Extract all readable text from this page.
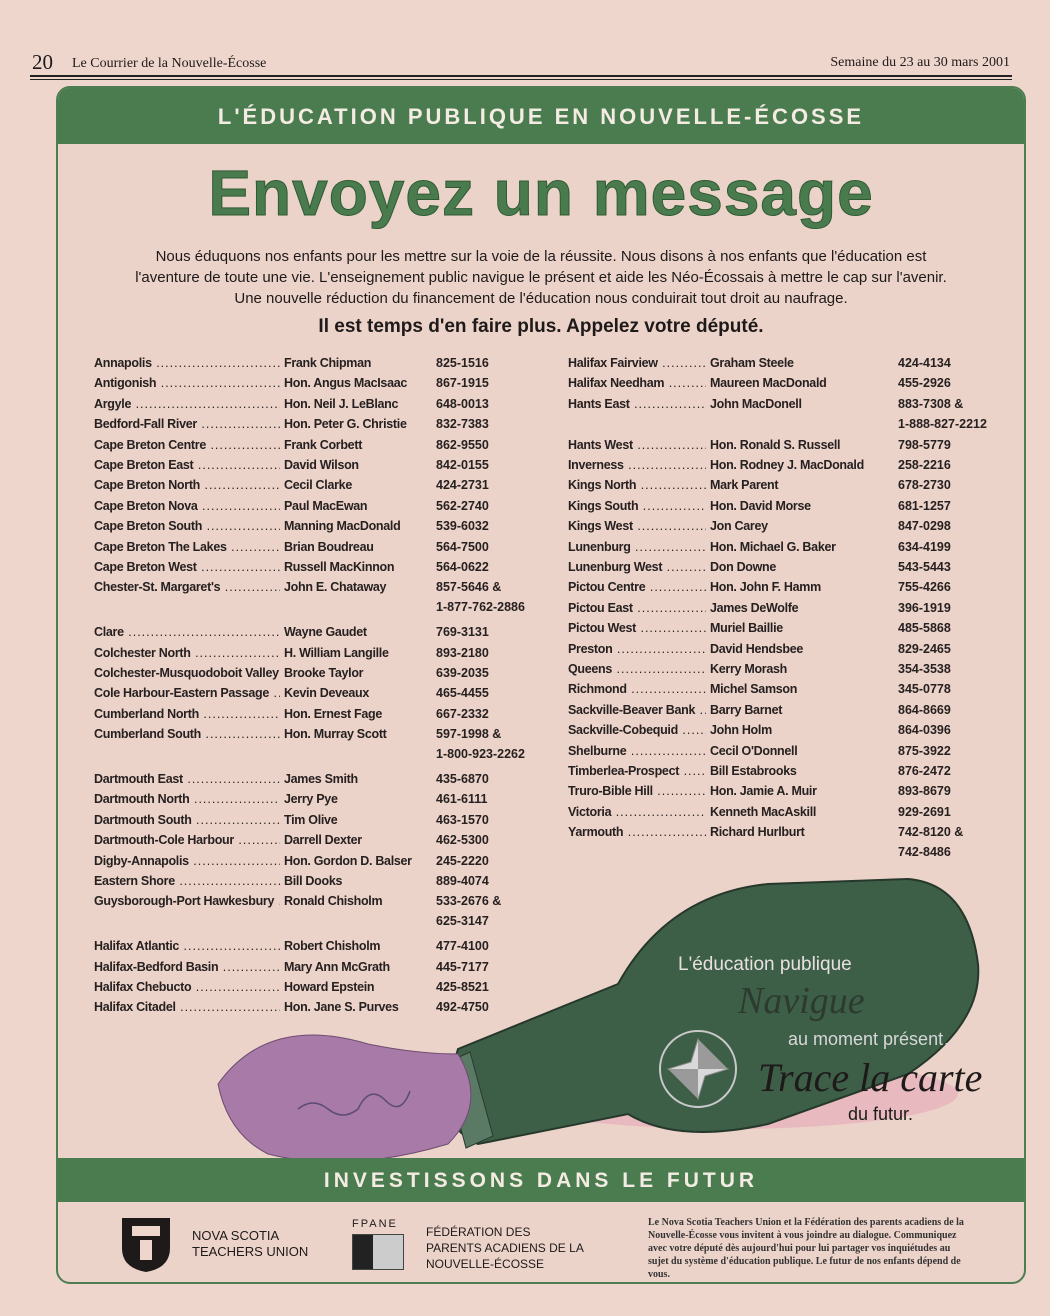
20 Le Courrier de la Nouvelle-Écosse	Semaine du 23 au 30 mars 2001
L'ÉDUCATION PUBLIQUE EN NOUVELLE-ÉCOSSE
Envoyez un message
Nous éduquons nos enfants pour les mettre sur la voie de la réussite. Nous disons à nos enfants que l'éducation est
l'aventure de toute une vie. L'enseignement public navigue le présent et aide les Néo-Écossais à mettre le cap sur l'avenir.
Une nouvelle réduction du financement de l'éducation nous conduirait tout droit au naufrage.
Il est temps d'en faire plus. Appelez votre député.
Annapolis .....	Frank Chipman	825-1516
Antigonish .....	Hon. Angus MacIsaac 867-1915
Argyle .....	Hon. Neil J. LeBlanc	648-0013
Bedford-Fall River .....	Hon. Peter G. Christie 832-7383
Cape Breton Centre .....	Frank Corbett	862-9550
Cape Breton East .....	David Wilson	842-0155
Cape Breton North .....	Cecil Clarke	424-2731
Cape Breton Nova .....	Paul MacEwan	562-2740
Cape Breton South .....	Manning MacDonald	539-6032
Cape Breton The Lakes .....	Brian Boudreau	564-7500
Cape Breton West .....	Russell MacKinnon	564-0622
Chester-St. Margaret's .....	John E. Chataway	857-5646 &
1-877-762-2886
Clare .....	Wayne Gaudet	769-3131
Colchester North .....	H. William Langille	893-2180
Colchester-Musquodoboit Valley ..... Brooke Taylor	639-2035
Cole Harbour-Eastern Passage .....	Kevin Deveaux	465-4455
Cumberland North .....	Hon. Ernest Fage	667-2332
Cumberland South .....	Hon. Murray Scott	597-1998 &
1-800-923-2262
Dartmouth East .....	James Smith	435-6870
Dartmouth North .....	Jerry Pye	461-6111
Dartmouth South .....	Tim Olive	463-1570
Dartmouth-Cole Harbour .....	Darrell Dexter	462-5300
Digby-Annapolis .....	Hon. Gordon D. Balser 245-2220
Eastern Shore .....	Bill Dooks	889-4074
Guysborough-Port Hawkesbury ..... Ronald Chisholm	533-2676 &
625-3147
Halifax Atlantic .....	Robert Chisholm	477-4100
Halifax-Bedford Basin .....	Mary Ann McGrath	445-7177
Halifax Chebucto .....	Howard Epstein	425-8521
Halifax Citadel .....	Hon. Jane S. Purves	492-4750
Halifax Fairview .....	Graham Steele	424-4134
Halifax Needham .....	Maureen MacDonald	455-2926
Hants East .....	John MacDonell	883-7308 &
1-888-827-2212
Hants West .....	Hon. Ronald S. Russell	798-5779
Inverness .....	Hon. Rodney J. MacDonald	258-2216
Kings North .....	Mark Parent	678-2730
Kings South .....	Hon. David Morse	681-1257
Kings West .....	Jon Carey	847-0298
Lunenburg .....	Hon. Michael G. Baker	634-4199
Lunenburg West .....	Don Downe	543-5443
Pictou Centre .....	Hon. John F. Hamm	755-4266
Pictou East .....	James DeWolfe	396-1919
Pictou West .....	Muriel Baillie	485-5868
Preston .....	David Hendsbee	829-2465
Queens .....	Kerry Morash	354-3538
Richmond .....	Michel Samson	345-0778
Sackville-Beaver Bank .....	Barry Barnet	864-8669
Sackville-Cobequid .....	John Holm	864-0396
Shelburne .....	Cecil O'Donnell	875-3922
Timberlea-Prospect .....	Bill Estabrooks	876-2472
Truro-Bible Hill .....	Hon. Jamie A. Muir	893-8679
Victoria .....	Kenneth MacAskill	929-2691
Yarmouth .....	Richard Hurlburt	742-8120 &
742-8486
L'éducation publique
Navigue
au moment présent…
Trace la carte
du futur.
INVESTISSONS DANS LE FUTUR
NOVA SCOTIA
TEACHERS UNION
FPANE
FÉDÉRATION DES
PARENTS ACADIENS DE LA
NOUVELLE-ÉCOSSE
Le Nova Scotia Teachers Union et la Fédération des parents acadiens de la Nouvelle-Écosse vous invitent à vous joindre au dialogue. Communiquez avec votre député dès aujourd'hui pour lui partager vos inquiétudes au sujet du système d'éducation publique. Le futur de nos enfants dépend de vous.
